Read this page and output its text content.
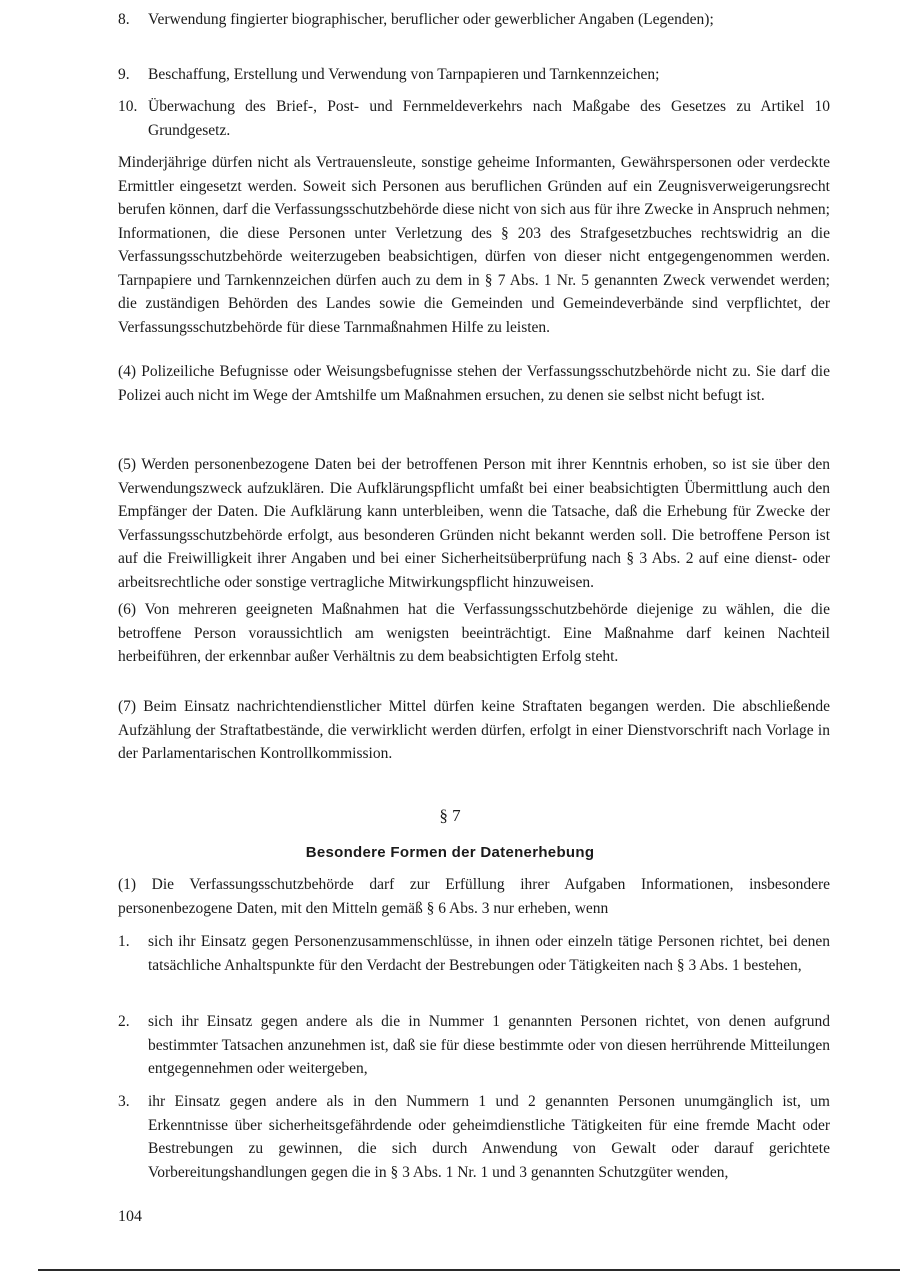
8. Verwendung fingierter biographischer, beruflicher oder gewerblicher Angaben (Legenden);
9. Beschaffung, Erstellung und Verwendung von Tarnpapieren und Tarnkennzeichen;
10. Überwachung des Brief-, Post- und Fernmeldeverkehrs nach Maßgabe des Gesetzes zu Artikel 10 Grundgesetz.
Minderjährige dürfen nicht als Vertrauensleute, sonstige geheime Informanten, Gewährspersonen oder verdeckte Ermittler eingesetzt werden. Soweit sich Personen aus beruflichen Gründen auf ein Zeugnisverweigerungsrecht berufen können, darf die Verfassungsschutzbehörde diese nicht von sich aus für ihre Zwecke in Anspruch nehmen; Informationen, die diese Personen unter Verletzung des § 203 des Strafgesetzbuches rechtswidrig an die Verfassungsschutzbehörde weiterzugeben beabsichtigen, dürfen von dieser nicht entgegengenommen werden. Tarnpapiere und Tarnkennzeichen dürfen auch zu dem in § 7 Abs. 1 Nr. 5 genannten Zweck verwendet werden; die zuständigen Behörden des Landes sowie die Gemeinden und Gemeindeverbände sind verpflichtet, der Verfassungsschutzbehörde für diese Tarnmaßnahmen Hilfe zu leisten.
(4) Polizeiliche Befugnisse oder Weisungsbefugnisse stehen der Verfassungsschutzbehörde nicht zu. Sie darf die Polizei auch nicht im Wege der Amtshilfe um Maßnahmen ersuchen, zu denen sie selbst nicht befugt ist.
(5) Werden personenbezogene Daten bei der betroffenen Person mit ihrer Kenntnis erhoben, so ist sie über den Verwendungszweck aufzuklären. Die Aufklärungspflicht umfaßt bei einer beabsichtigten Übermittlung auch den Empfänger der Daten. Die Aufklärung kann unterbleiben, wenn die Tatsache, daß die Erhebung für Zwecke der Verfassungsschutzbehörde erfolgt, aus besonderen Gründen nicht bekannt werden soll. Die betroffene Person ist auf die Freiwilligkeit ihrer Angaben und bei einer Sicherheitsüberprüfung nach § 3 Abs. 2 auf eine dienst- oder arbeitsrechtliche oder sonstige vertragliche Mitwirkungspflicht hinzuweisen.
(6) Von mehreren geeigneten Maßnahmen hat die Verfassungsschutzbehörde diejenige zu wählen, die die betroffene Person voraussichtlich am wenigsten beeinträchtigt. Eine Maßnahme darf keinen Nachteil herbeiführen, der erkennbar außer Verhältnis zu dem beabsichtigten Erfolg steht.
(7) Beim Einsatz nachrichtendienstlicher Mittel dürfen keine Straftaten begangen werden. Die abschließende Aufzählung der Straftatbestände, die verwirklicht werden dürfen, erfolgt in einer Dienstvorschrift nach Vorlage in der Parlamentarischen Kontrollkommission.
§ 7
Besondere Formen der Datenerhebung
(1) Die Verfassungsschutzbehörde darf zur Erfüllung ihrer Aufgaben Informationen, insbesondere personenbezogene Daten, mit den Mitteln gemäß § 6 Abs. 3 nur erheben, wenn
1. sich ihr Einsatz gegen Personenzusammenschlüsse, in ihnen oder einzeln tätige Personen richtet, bei denen tatsächliche Anhaltspunkte für den Verdacht der Bestrebungen oder Tätigkeiten nach § 3 Abs. 1 bestehen,
2. sich ihr Einsatz gegen andere als die in Nummer 1 genannten Personen richtet, von denen aufgrund bestimmter Tatsachen anzunehmen ist, daß sie für diese bestimmte oder von diesen herrührende Mitteilungen entgegennehmen oder weitergeben,
3. ihr Einsatz gegen andere als in den Nummern 1 und 2 genannten Personen unumgänglich ist, um Erkenntnisse über sicherheitsgefährdende oder geheimdienstliche Tätigkeiten für eine fremde Macht oder Bestrebungen zu gewinnen, die sich durch Anwendung von Gewalt oder darauf gerichtete Vorbereitungshandlungen gegen die in § 3 Abs. 1 Nr. 1 und 3 genannten Schutzgüter wenden,
104
